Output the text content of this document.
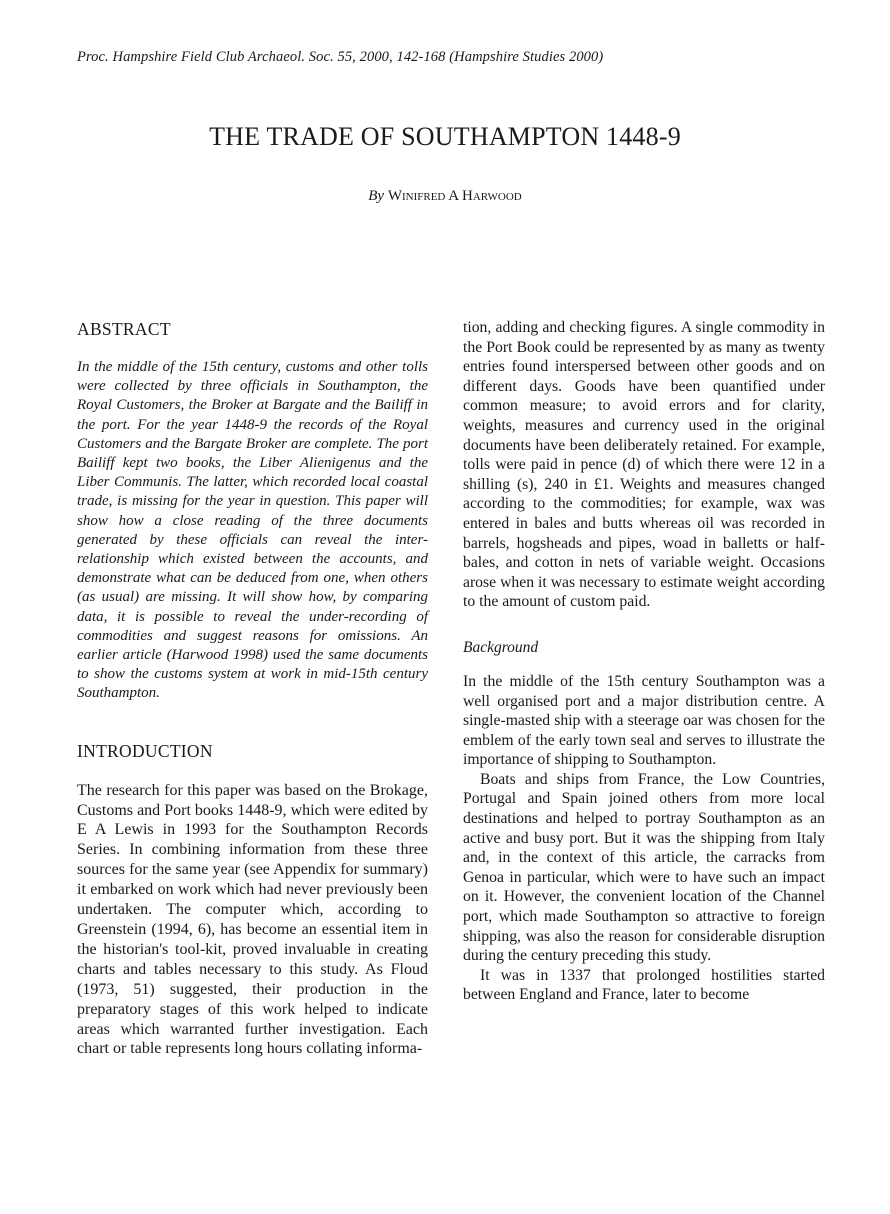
Proc. Hampshire Field Club Archaeol. Soc. 55, 2000, 142-168 (Hampshire Studies 2000)
THE TRADE OF SOUTHAMPTON 1448-9
By Winifred A Harwood
ABSTRACT
In the middle of the 15th century, customs and other tolls were collected by three officials in Southampton, the Royal Customers, the Broker at Bargate and the Bailiff in the port. For the year 1448-9 the records of the Royal Customers and the Bargate Broker are complete. The port Bailiff kept two books, the Liber Alienigenus and the Liber Communis. The latter, which recorded local coastal trade, is missing for the year in question. This paper will show how a close reading of the three documents generated by these officials can reveal the inter-relationship which existed between the accounts, and demonstrate what can be deduced from one, when others (as usual) are missing. It will show how, by comparing data, it is possible to reveal the under-recording of commodities and suggest reasons for omissions. An earlier article (Harwood 1998) used the same documents to show the customs system at work in mid-15th century Southampton.
INTRODUCTION

The research for this paper was based on the Brokage, Customs and Port books 1448-9, which were edited by E A Lewis in 1993 for the Southampton Records Series. In combining information from these three sources for the same year (see Appendix for summary) it embarked on work which had never previously been undertaken. The computer which, according to Greenstein (1994, 6), has become an essential item in the historian's tool-kit, proved invaluable in creating charts and tables necessary to this study. As Floud (1973, 51) suggested, their production in the preparatory stages of this work helped to indicate areas which warranted further investigation. Each chart or table represents long hours collating informa-

tion, adding and checking figures. A single commodity in the Port Book could be represented by as many as twenty entries found interspersed between other goods and on different days. Goods have been quantified under common measure; to avoid errors and for clarity, weights, measures and currency used in the original documents have been deliberately retained. For example, tolls were paid in pence (d) of which there were 12 in a shilling (s), 240 in £1. Weights and measures changed according to the commodities; for example, wax was entered in bales and butts whereas oil was recorded in barrels, hogsheads and pipes, woad in balletts or half-bales, and cotton in nets of variable weight. Occasions arose when it was necessary to estimate weight according to the amount of custom paid.

Background

In the middle of the 15th century Southampton was a well organised port and a major distribution centre. A single-masted ship with a steerage oar was chosen for the emblem of the early town seal and serves to illustrate the importance of shipping to Southampton.

Boats and ships from France, the Low Countries, Portugal and Spain joined others from more local destinations and helped to portray Southampton as an active and busy port. But it was the shipping from Italy and, in the context of this article, the carracks from Genoa in particular, which were to have such an impact on it. However, the convenient location of the Channel port, which made Southampton so attractive to foreign shipping, was also the reason for considerable disruption during the century preceding this study.

It was in 1337 that prolonged hostilities started between England and France, later to become
